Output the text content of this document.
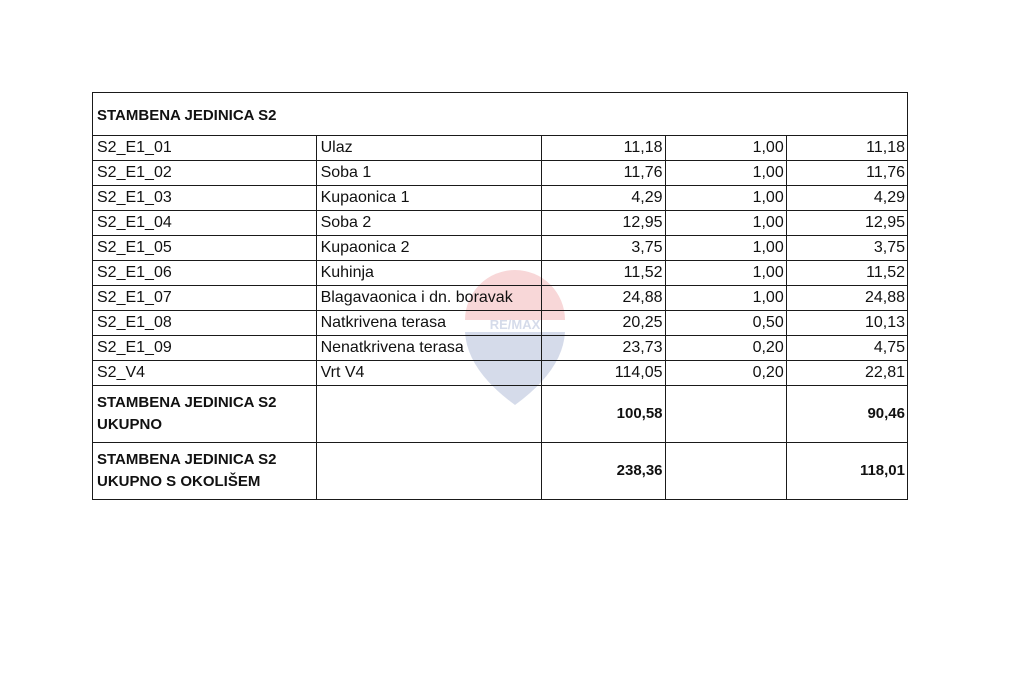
RE/MAX
STAMBENA JEDINICA S2				
S2_E1_01	Ulaz	11,18	1,00	11,18
S2_E1_02	Soba 1	11,76	1,00	11,76
S2_E1_03	Kupaonica 1	4,29	1,00	4,29
S2_E1_04	Soba 2	12,95	1,00	12,95
S2_E1_05	Kupaonica 2	3,75	1,00	3,75
S2_E1_06	Kuhinja	11,52	1,00	11,52
S2_E1_07	Blagavaonica i dn. boravak	24,88	1,00	24,88
S2_E1_08	Natkrivena terasa	20,25	0,50	10,13
S2_E1_09	Nenatkrivena terasa	23,73	0,20	4,75
S2_V4	Vrt V4	114,05	0,20	22,81

STAMBENA JEDINICA S2
UKUPNO		100,58		90,46

STAMBENA JEDINICA S2
UKUPNO S OKOLIŠEM		238,36		118,01
